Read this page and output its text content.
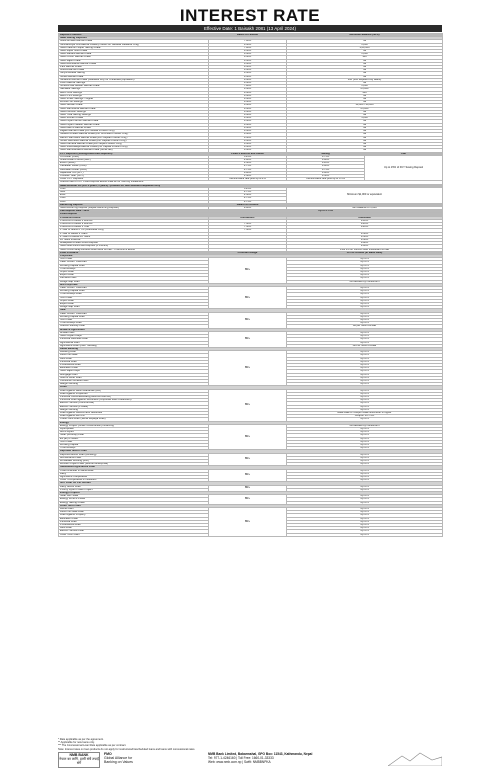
INTEREST RATE
Effective Date: 1 Baisakh 2081 (13 April 2024)
Deposit Products	Rates Per annum	Minimum Balance (NPR)	
NMB Saving Deposits			
Good Amdani Bachat Khata	7.00%	Nil	
Sunhabishya Cha Bachat Khata (Product for Sanskar Rewards Only)	6.50%	1,000	
NMB Platinum Super Saving Khata	7.00%	1,00,000	
NMB Super Gold Khata	6.50%	Nil	
NMB Sahara Bachat Khata	6.50%	1,000	
NMB Chhori Bachat Khata	6.50%	100	
NMB Sajilo Khata	6.50%	Nil	
NMB Remittance Bachat Khata	6.50%	Nil	
Pani Bachat Khata	6.50%	Nil	
Jestha Bachat Khata	6.50%	Nil	
Surya Muddat Saving	6.50%	Nil	
Shree Bachat Khata	6.50%	Nil	
Surakshit Bachat Khata (Available only for Unbanked population)	6.50%	100 (100 Rupees only Blank)	
Krishi Bachat Savings	6.50%	Nil	
Scheme Bai Jeevan Bachat Khata	7.00%	1,000	
Namaste Savings	6.50%	25,000	
Mero Cool Savings	6.50%	500	
Mero PSS Savings	6.50%	Nil	
NMB Smart Savings - Digital	6.50%	Nil	
Women Gil Savings	6.50%	Nil	
NMB Jeevan Khata	6.50%	10,000 / 20,000	
NMB Samriddha Bachat Khata	6.50%	25,000	
NMB Pension Savings	6.50%	Nil	
NMB Yuva Saving Savings	6.50%	Nil	
NMB Sthiram Khata	6.50%	5,000	
NMB Loyal Partner Bachat Khata	6.50%	Nil	
NMB Loyal Pradesh Bachat Khata	6.50%	Nil	
NMB Hamro Bachat Khata	6.50%	Nil	
Lagani Bachat Khata (For Mutual Product Only)	6.50%	Nil	
Student Amdani Bachat Khata (For Unlimited Product Only)	6.50%	Nil	
Hamro Samriddhi Bachat Khata (For Capital Product Only)	6.50%	Nil	
Shree Samriddhi Bachat Khata (For Capital Product Only)	6.50%	Nil	
NMB Kamana Bachat Khata (For Nepal Product Only)	6.50%	Nil	
NMB Shikshalaya Bachat Khata (For Capital Product Only)	6.50%	Nil	
NMB Samriddhashil Bachat Khata (Suna Jari)	6.50%	Nil	
FCY Deposits (Saving/Call/Fixed Deposits)*	Fixed 6 Months and Above	Saving	Call
US Dollar (USD)	5.25%	0.75%	Up to 15% of FCY Saving Deposit
Great Britain Pound (GBP)	4.00%	0.40%	
EURO (EUR)	3.50%	0.10%	
Canadian Dollar (CAD)	4.75%	0.40%	
Australian Dollar (AUD)	4.75%	0.75%	
Japanese Yen (JPY)	0.00%	0.00%	
Chinese Yuan (CNY)	1.50%	0.50%	
Other FCY Deposits	Central Bank rate plus up to 2%	Central Bank rate plus up to 0.5%	
Interest rate of FCY Fixed Deposit above shall be for monthly installment.			
NMB Remitter FD (For 3 years, 1 years) - product for Non Resident Nepalese Only			
USD	5.25%	Minimum $1,000 or equivalent	
GBP	4.75%		
EUR	4.50%		
CAD	4.75%		
AUD	4.75%		
Recurring Deposit	Rates Per Annum		
NMB Recurring Deposit (Rupee Recurring Deposit)	9.00%	Min Balance of 1,000	
Call Deposit Rate - NPR	Up to 3.75%		
Fixed Deposit			
Products/Tenure	Institutions	Individual	
3 Months to below 6 Months		8.18%	
6 Months to below 9 Months	7.50%	8.20%	
9 Months to below 1 Year	7.50%	8.20%	
1 Year to below 2 Yrs (Individual Only)	7.50%		
1 Year to Below 2 Years		8.50%	
2 Years to Below 10 Years		8.50%	
10 Years & above		8.50%	
Mitaspeed Amdani Fixed Deposit		8.80%	
NMB Gold Mitra Fixed Deposit (6 months)		9.00%	
NMB Unnonnaraj Mutdudi Bosa Mura bo bab - 3 Months & above		Plus 1% on current fixed individual FD rate	
Loan Products	Premium Range	Or Per Annum (in Base Rate)	
Corporate			
Term Loan	BR+	Up to 4	
Cash Credit / Overdraft		Up to 4	
Working Capital Loan		Up to 4	
Trust Receipt		Up to 4	
Import Loan		Up to 4	
Export Loan		Up to 4	
Demand Loan		Up to 4	
Bridge Gap Loan		As decided by consortium	
Mid Corporate			
Cash Credit / Overdraft	BR+	Up to 4	
Working Capital Loan		Up to 4	
Trust Receipt Loan		Up to 4	
Term Loan		Up to 4	
Import Loan		Up to 4	
Export Loan		Up to 4	
Bridge Gap Loan		Up to 4	
SME			
Cash Credit / Overdraft	BR+	Up to 4	
Working Capital Loan		Up to 4	
Term Loan		Up to 4	
Trust Receipt Loan		Up to 4	
Interest Subsidy Loan		As per NRB Circular	
MSME & Agriculture			
MSME Loan	BR+	Up to 4	
NMB Udyam Karja		Up to 4	
Personal Business Loan		Up to 4	
Agricultural Loan		Up to 4	
Agriculture Loan (Inter. Subsidy)		As Per NRB Circular	
Retail Banking			
Housing Loan	BR+	Up to 4	
Land Purchase		Up to 4	
Auto Loan		Up to 4	
Personal Loan		Up to 4	
Professional Loan		Up to 4	
Education Loan		Up to 4	
NMB Sajilo Karja		Up to 4	
Mortgage Loan		Up to 4	
Gold & Silver Loan		Up to 4	
Consumer Durable Loan		Up to 4	
Margin Lending		Up to 4	
Other			
Loan Against Bank Guarantee (BG)**	BR+	Up to 4	
Loan Against Properties		Up to 4	
Personal Overdraft/Ready(NMB AAYAM AD)		Up to 4	
Personal Loan against Securities (Corporate Mobi Customers)		Up to 4	
Electric Vehicle (Commercial)		Up to 4	
Electric Vehicle (Private)		Up to 4	
Margin Lending		Up to 4	
Loan Against Government Securities		Base Rate or Coupon Rate whichever is higher	
Loan Against own FD		Coupon 1% / 2%	
Credit Card Loan (Sidha Rupaiya Loan)		Up to 4	
Energy			
Energy Project (Under Construction) Financing	BR+	As decided by consortium	
Hydropower		Up to 4	
Micro Hydro		Up to 4	
Solar (Rooftop) Loan***		Up to 4	
Ev (Ev) Product		Up to 4	
Term Loan		Up to 4	
Working Capital		Up to 4	
Trust Receipt		Up to 4	
Deprived Sector Loan			
Deprived sector Loan (Lending)**	BR+	Up to 4	
Microfinance Loan		Up to 4	
Wholesale Lending (MFI)		Up to 4	
Women Project Loan (Women Enterprise)		Up to 4	
Subsidized Agriculture Loan			
Chiso Bhandar & Warehouse	BR+	Up to 4	
Dairy		Up to 4	
Agriculture Cooperative		Up to 4	
Other Co-operative & Institution		Up to 4	
NST Loan for Per Annum			
Dairy Sector Loan	BR+	Up to 4	
Priority Hydro Power Project		Up to 4	
Energy Projects			
Solar Gov Solar	BR+	Up to 4	
Energy Wind & Power		Up to 4	
Energy Saving Power		Up to 4	
Other Term Loan			
Home Loan	BR+	Up to 4	
Land Purchase Loan		Up to 4	
Loan Against Property		Up to 4	
Education Loan		Up to 4	
Personal Loan		Up to 4	
Professional Loan		Up to 4	
Auto Loan		Up to 4	
Electric Vehicle Loan		Up to 4	
Other Term Loan		Up to 4	
* Rate applicable as per the agreement.
** Applicable for new loans only.
*** The Concessional Loan Rate applicable as per contract.
Note: Interest rates on loan products do not apply for restructured/rescheduled loans and loans with concessional rates.
NMB BANK
नेपाल का लागि, हामी संधै तपाइँ संगै
FMO
Global Alliance for Banking on Values
NMB Bank Limited, Babarmahal, GPO Box: 11543, Kathmandu, Nepal
Tel: 977-1-4246160 | Toll Free: 1660-01-33333
Web: www.nmb.com.np | Swift: NMBBNPKA
